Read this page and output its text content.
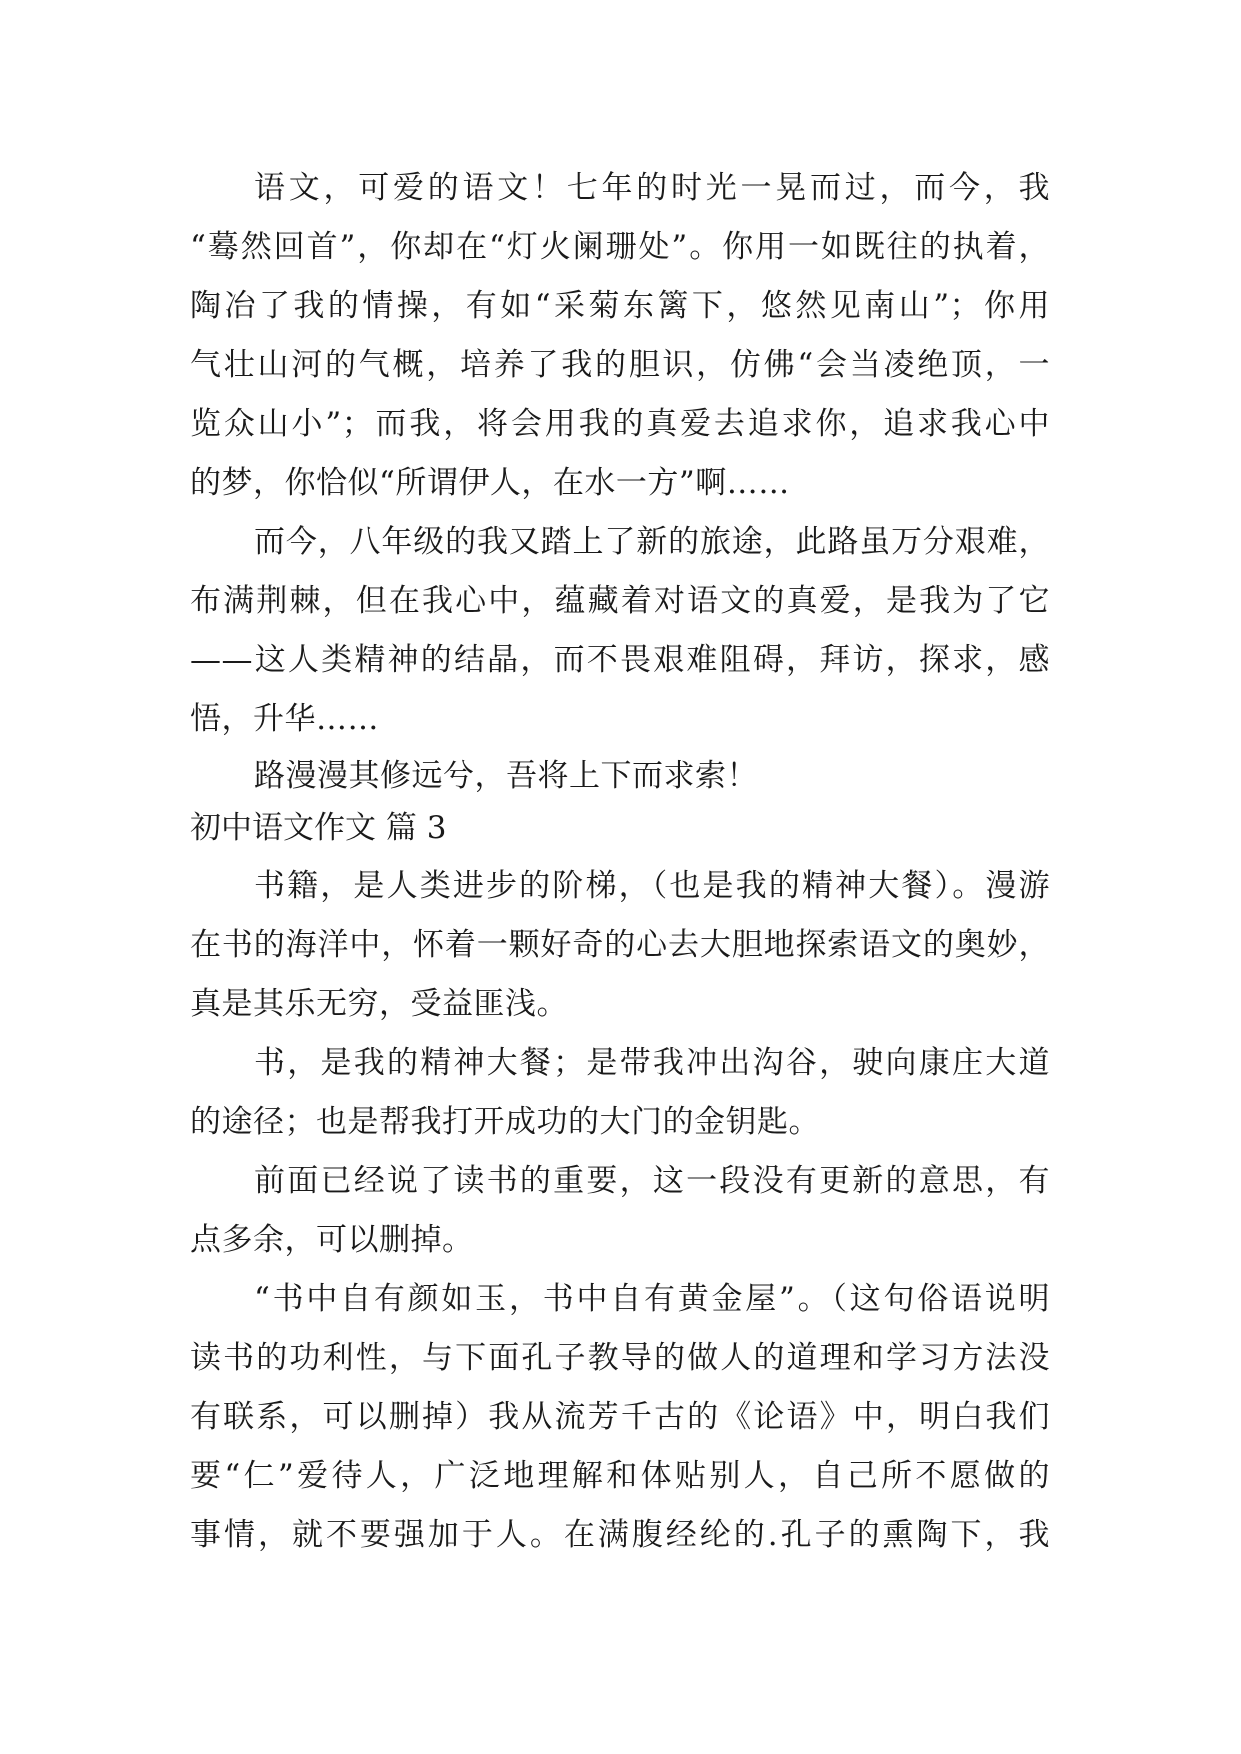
语文，可爱的语文！七年的时光一晃而过，而今，我

“蓦然回首”，你却在“灯火阑珊处”。你用一如既往的执着，

陶冶了我的情操，有如“采菊东篱下，悠然见南山”；你用

气壮山河的气概，培养了我的胆识，仿佛“会当凌绝顶，一

览众山小”；而我，将会用我的真爱去追求你，追求我心中

的梦，你恰似“所谓伊人，在水一方”啊……

而今，八年级的我又踏上了新的旅途，此路虽万分艰难，

布满荆棘，但在我心中，蕴藏着对语文的真爱，是我为了它

——这人类精神的结晶，而不畏艰难阻碍，拜访，探求，感

悟，升华……

路漫漫其修远兮，吾将上下而求索！

初中语文作文 篇 3

书籍，是人类进步的阶梯，（也是我的精神大餐）。漫游

在书的海洋中，怀着一颗好奇的心去大胆地探索语文的奥妙，

真是其乐无穷，受益匪浅。

书，是我的精神大餐；是带我冲出沟谷，驶向康庄大道

的途径；也是帮我打开成功的大门的金钥匙。

前面已经说了读书的重要，这一段没有更新的意思，有

点多余，可以删掉。

“书中自有颜如玉，书中自有黄金屋”。（这句俗语说明

读书的功利性，与下面孔子教导的做人的道理和学习方法没

有联系，可以删掉）我从流芳千古的《论语》中，明白我们

要“仁”爱待人，广泛地理解和体贴别人，自己所不愿做的

事情，就不要强加于人。在满腹经纶的.孔子的熏陶下，我
